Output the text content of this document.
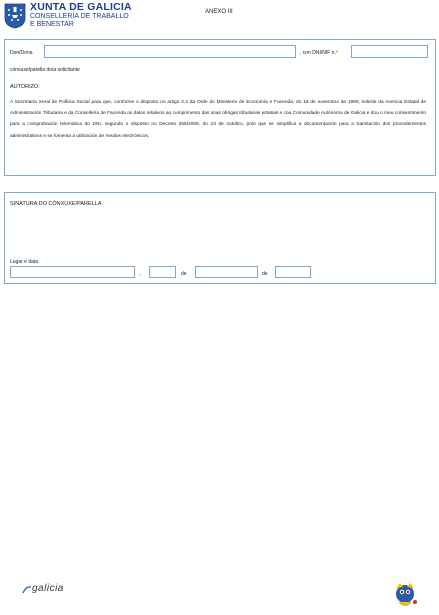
XUNTA DE GALICIA
CONSELLERÍA DE TRABALLO
E BENESTAR
ANEXO III
Don/Dona	, con DNI/NIF n.º
cónxuxe/parella do/a solicitante
AUTORIZO:
A Secretaría Xeral de Política Social para que, conforme o disposto no artigo 2.4 da Orde do Ministerio de Economía e Facenda, do 18 de novembro de 1999, solicite da Axencia Estatal de Administración Tributaria e da Consellería de Facenda os datos relativos ao cumprimento das súas obrigas tributarias estatais e coa Comunidade Autónoma de Galicia e dou o meu consentimento para a comprobación telemática do DNI, segundo o disposto no Decreto 255/2008, do 23 de outubro, polo que se simplifica a documentación para a tramitación dos procedementos administrativos e se fomenta a utilización de medios electrónicos.
SINATURA DO CÓNXUXE/PARELLA
Lugar e data
,	de	de
galicia
